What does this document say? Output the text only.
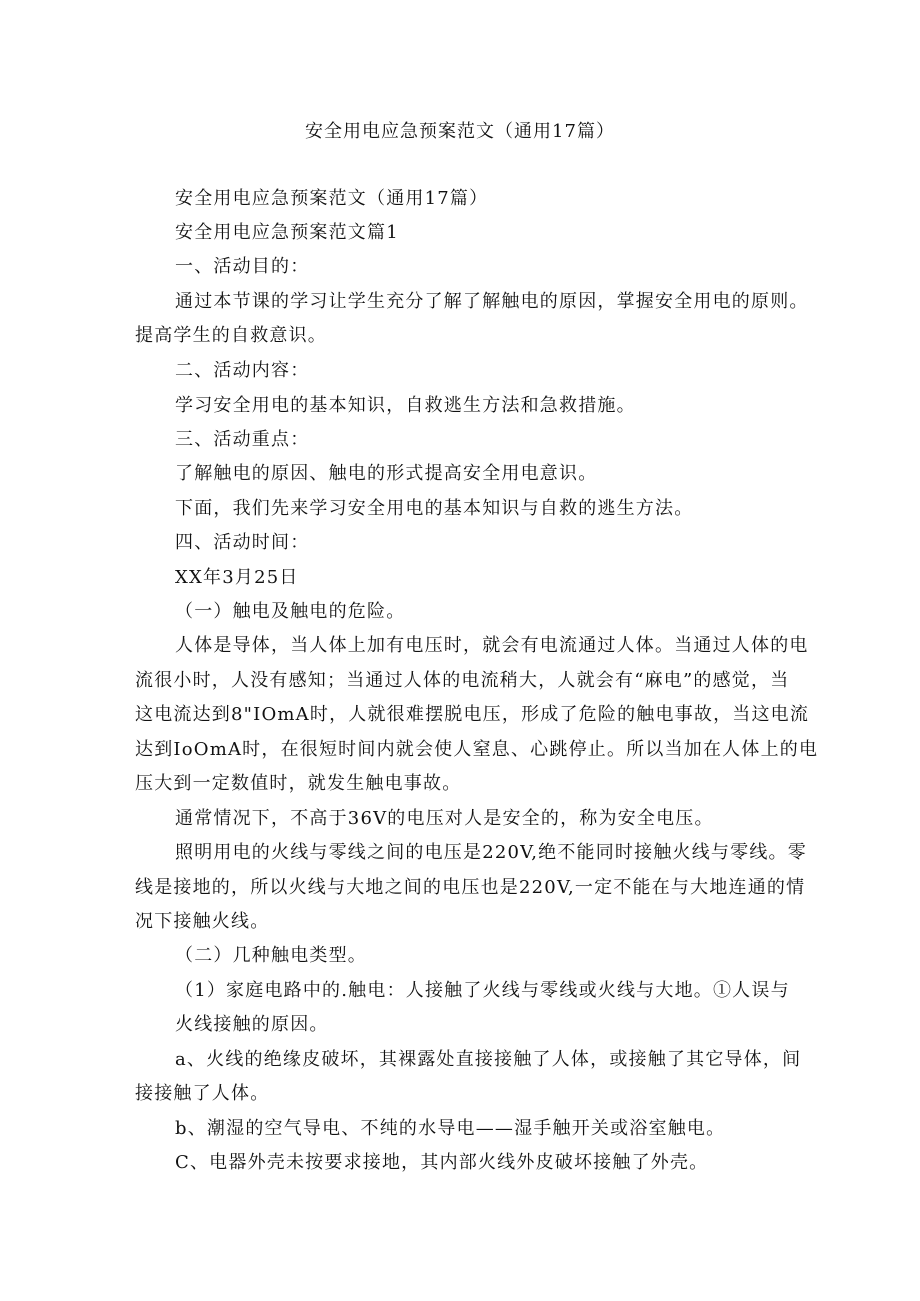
安全用电应急预案范文（通用17篇）
安全用电应急预案范文（通用17篇）
安全用电应急预案范文篇1
一、活动目的：
通过本节课的学习让学生充分了解了解触电的原因，掌握安全用电的原则。
提高学生的自救意识。
二、活动内容：
学习安全用电的基本知识，自救逃生方法和急救措施。
三、活动重点：
了解触电的原因、触电的形式提高安全用电意识。
下面，我们先来学习安全用电的基本知识与自救的逃生方法。
四、活动时间：
XX年3月25日
（一）触电及触电的危险。
人体是导体，当人体上加有电压时，就会有电流通过人体。当通过人体的电
流很小时，人没有感知；当通过人体的电流稍大，人就会有“麻电”的感觉，当
这电流达到8"IOmA时，人就很难摆脱电压，形成了危险的触电事故，当这电流
达到IoOmA时，在很短时间内就会使人窒息、心跳停止。所以当加在人体上的电
压大到一定数值时，就发生触电事故。
通常情况下，不高于36V的电压对人是安全的，称为安全电压。
照明用电的火线与零线之间的电压是220V,绝不能同时接触火线与零线。零
线是接地的，所以火线与大地之间的电压也是220V,一定不能在与大地连通的情
况下接触火线。
（二）几种触电类型。
（1）家庭电路中的.触电：人接触了火线与零线或火线与大地。①人误与
火线接触的原因。
a、火线的绝缘皮破坏，其裸露处直接接触了人体，或接触了其它导体，间
接接触了人体。
b、潮湿的空气导电、不纯的水导电——湿手触开关或浴室触电。
C、电器外壳未按要求接地，其内部火线外皮破坏接触了外壳。
